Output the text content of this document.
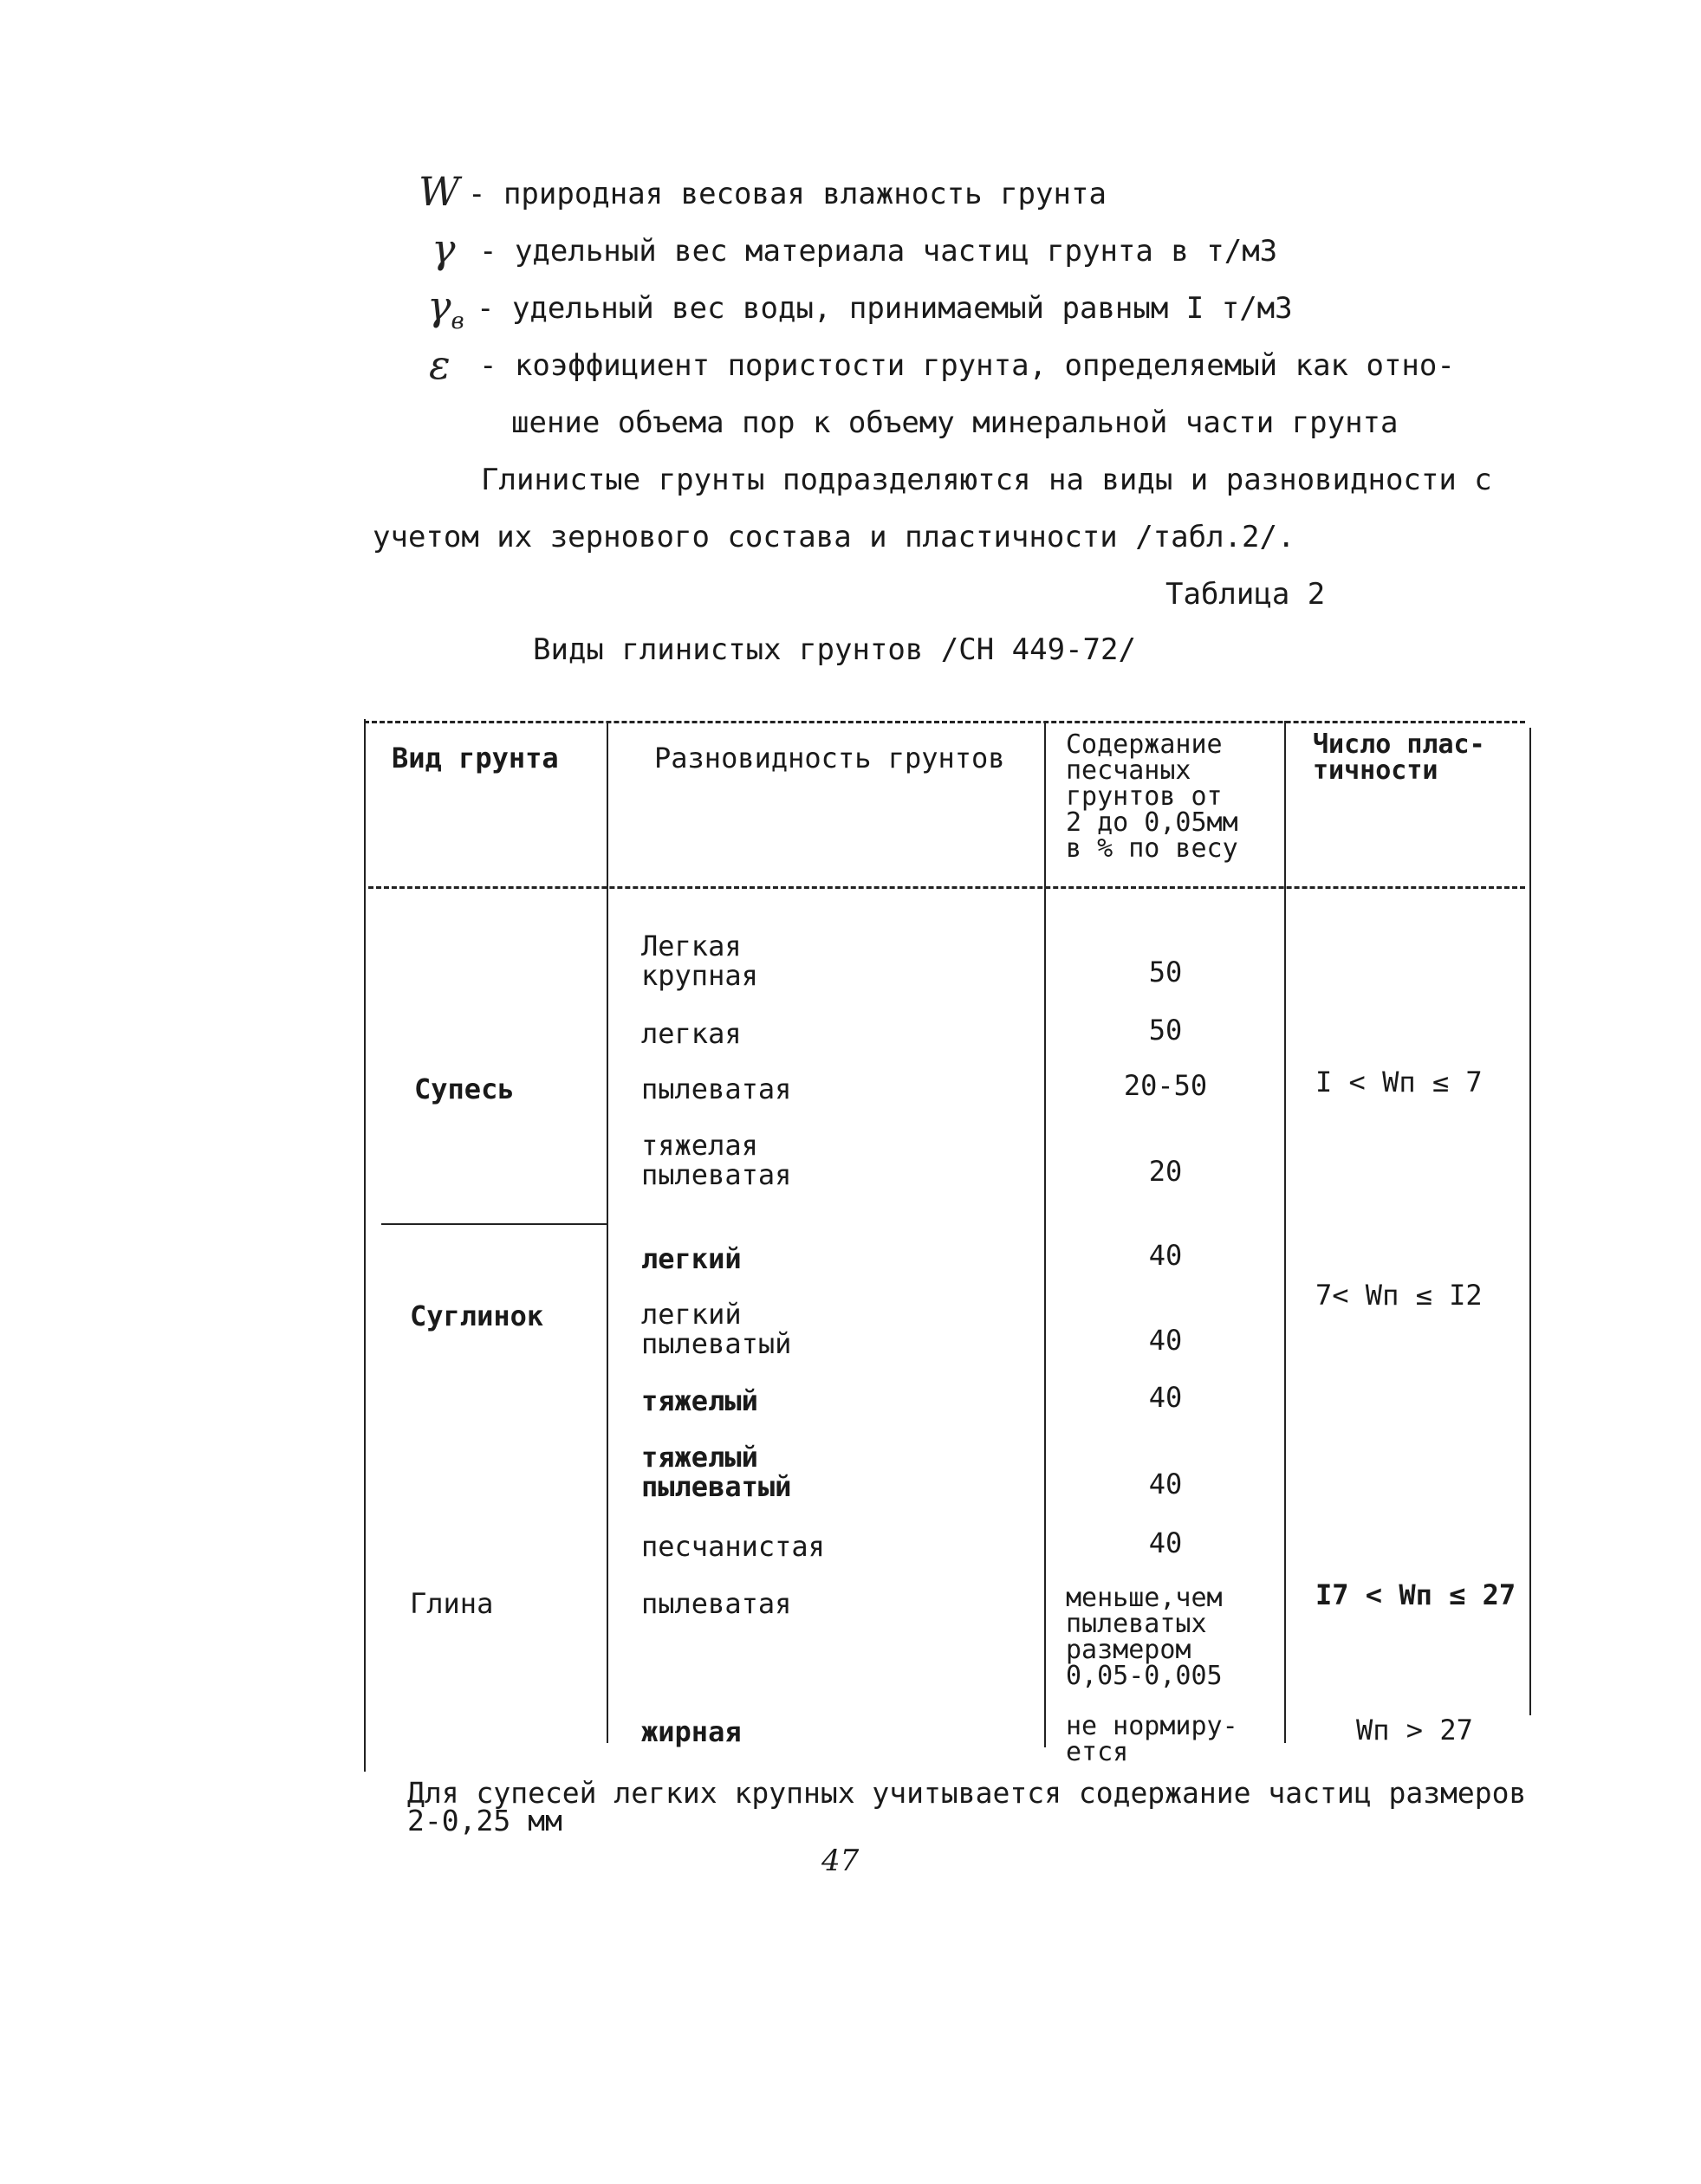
W - природная весовая влажность грунта
γ - удельный вес материала частиц грунта в т/м3
$\gamma_в$ - удельный вес воды, принимаемый равным I т/м3
ε - коэффициент пористости грунта, определяемый как отно-
шение объема пор к объему минеральной части грунта
Глинистые грунты подразделяются на виды и разновидности с
учетом их зернового состава и пластичности /табл.2/.
Таблица 2
Виды глинистых грунтов /СН 449-72/
Вид грунта	Разновидность грунтов Содержание
песчаных
грунтов от
2 до 0,05мм
в % по весу
Число плас-
тичности
Супесь
Суглинок
Глина
I < Wп ≤ 7
7< Wп ≤ I2
I7 < Wп ≤ 27
Wп > 27
Легкая
крупная
легкая
пылеватая
тяжелая
пылеватая
легкий
легкий
пылеватый
тяжелый
тяжелый
пылеватый
песчанистая
пылеватая
жирная
50
50
20-50
20
40
40
40
40
40
меньше,чем
пылеватых
размером
0,05-0,005
не нормиру-
ется
Для супесей легких крупных учитывается содержание частиц размеров
2-0,25 мм
47
